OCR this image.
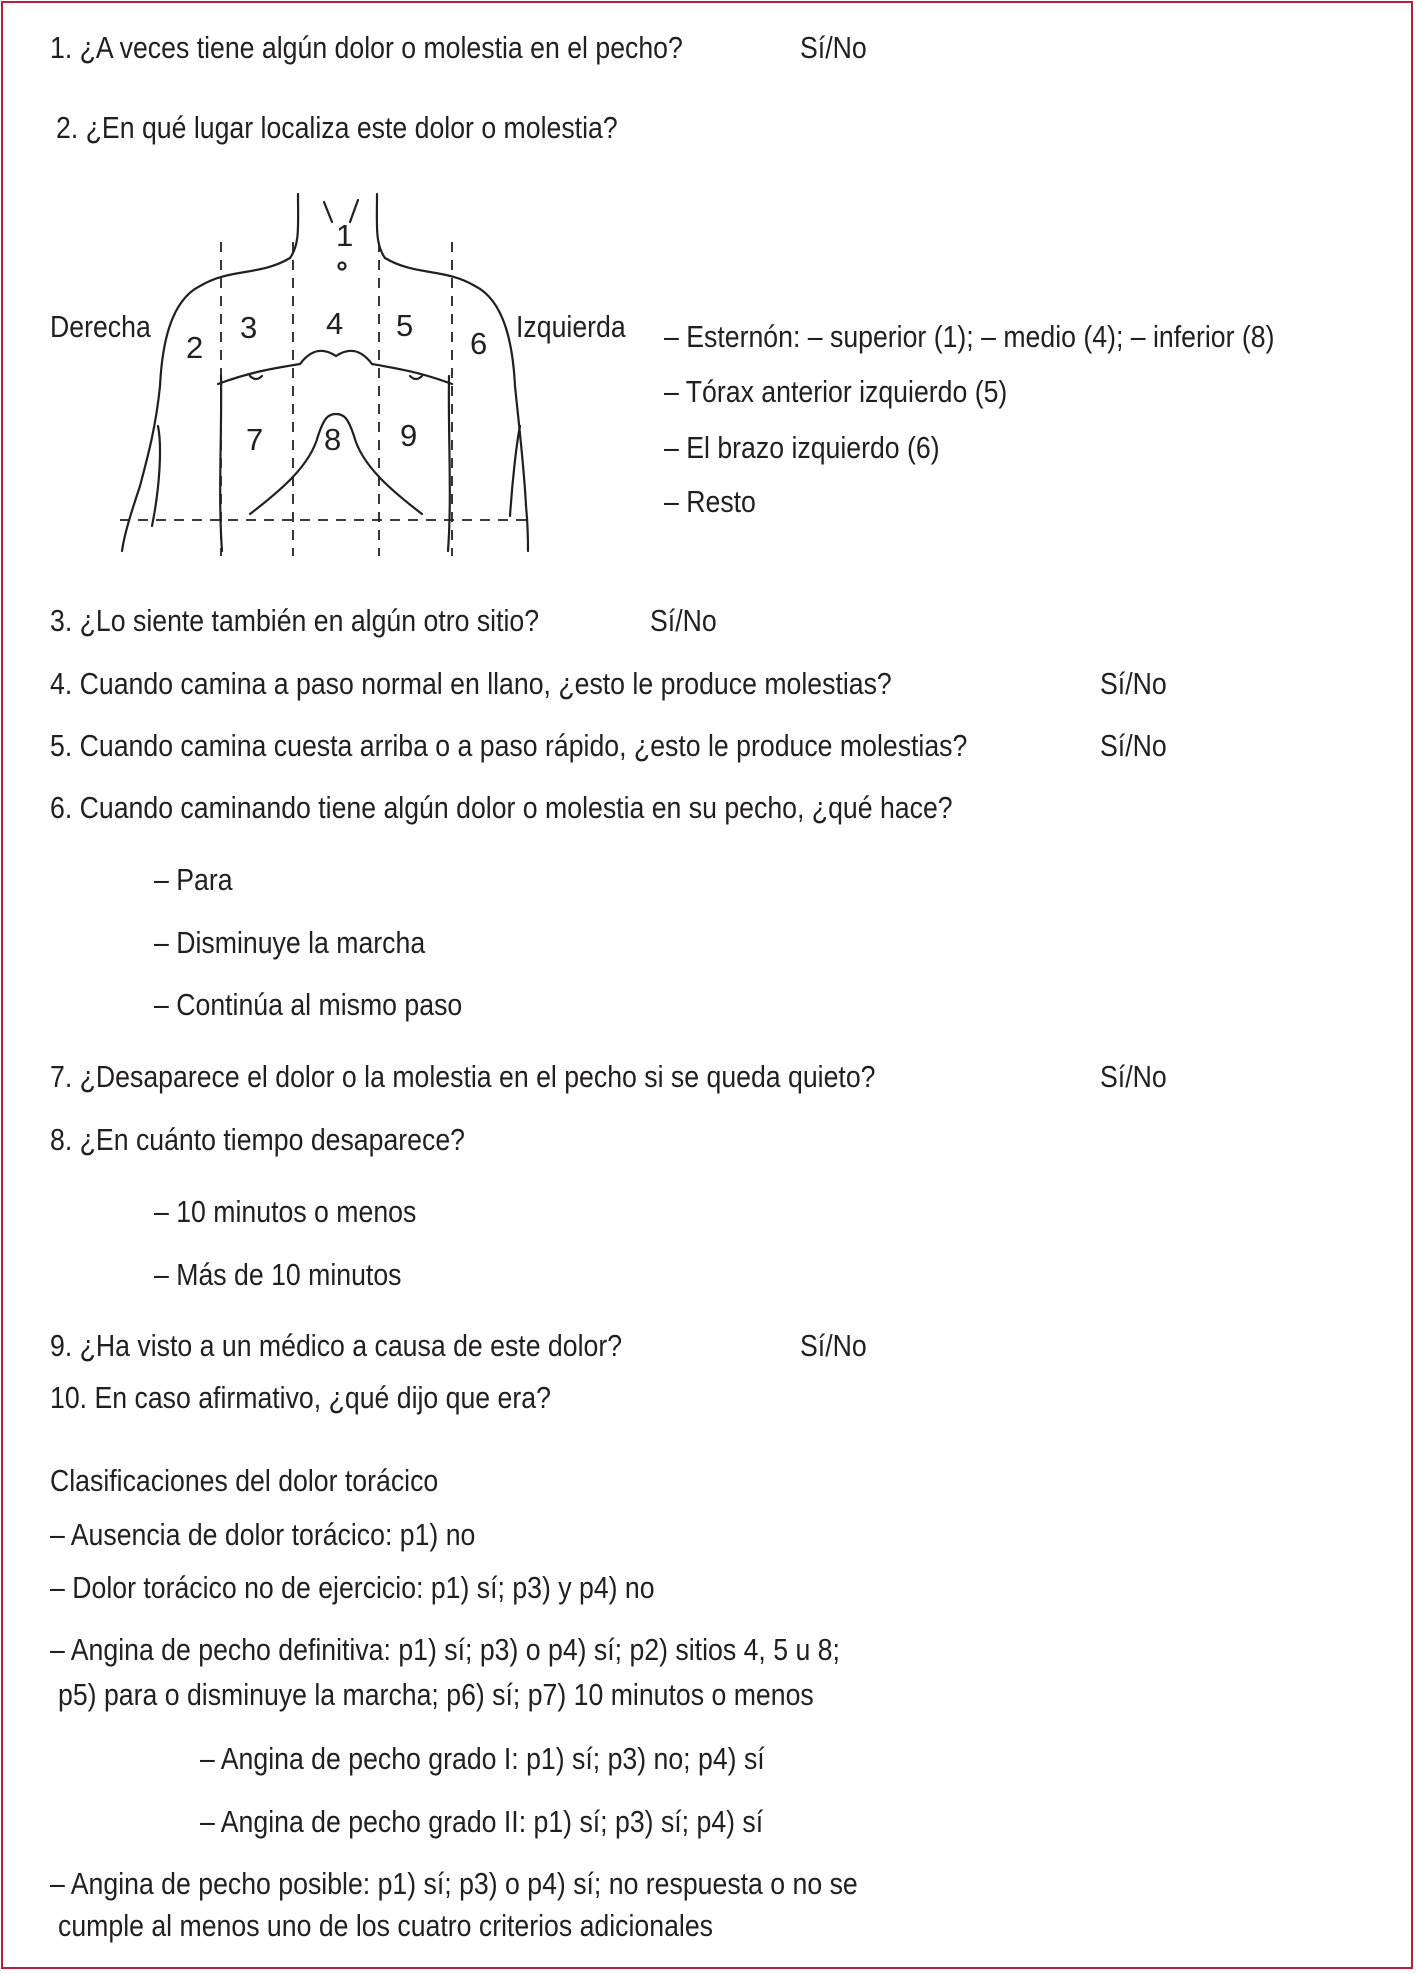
1. ¿A veces tiene algún dolor o molestia en el pecho?	Sí/No
2. ¿En qué lugar localiza este dolor o molestia?
1
2
3 4 5
6
7 8 9
Derecha	Izquierda – Esternón: – superior (1); – medio (4); – inferior (8)
– Tórax anterior izquierdo (5)
– El brazo izquierdo (6)
– Resto
3. ¿Lo siente también en algún otro sitio?	Sí/No
4. Cuando camina a paso normal en llano, ¿esto le produce molestias?	Sí/No
5. Cuando camina cuesta arriba o a paso rápido, ¿esto le produce molestias?	Sí/No
6. Cuando caminando tiene algún dolor o molestia en su pecho, ¿qué hace?
– Para
– Disminuye la marcha
– Continúa al mismo paso
7. ¿Desaparece el dolor o la molestia en el pecho si se queda quieto?	Sí/No
8. ¿En cuánto tiempo desaparece?
– 10 minutos o menos
– Más de 10 minutos
9. ¿Ha visto a un médico a causa de este dolor?	Sí/No
10. En caso afirmativo, ¿qué dijo que era?
Clasificaciones del dolor torácico
– Ausencia de dolor torácico: p1) no
– Dolor torácico no de ejercicio: p1) sí; p3) y p4) no
– Angina de pecho definitiva: p1) sí; p3) o p4) sí; p2) sitios 4, 5 u 8;
p5) para o disminuye la marcha; p6) sí; p7) 10 minutos o menos
– Angina de pecho grado I: p1) sí; p3) no; p4) sí
– Angina de pecho grado II: p1) sí; p3) sí; p4) sí
– Angina de pecho posible: p1) sí; p3) o p4) sí; no respuesta o no se
cumple al menos uno de los cuatro criterios adicionales
